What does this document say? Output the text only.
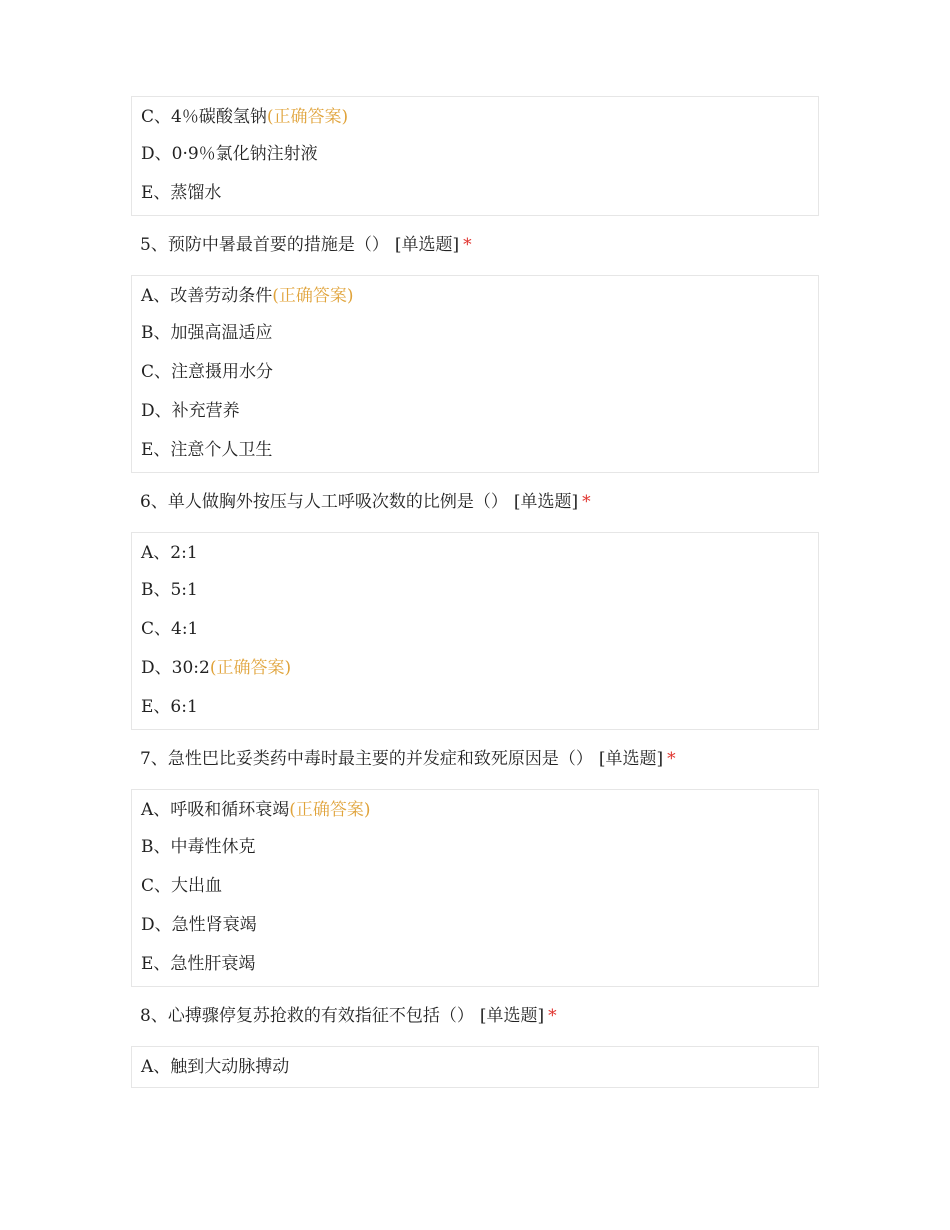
C、4％碳酸氢钠(正确答案)
D、0·9％氯化钠注射液
E、蒸馏水
5、预防中暑最首要的措施是（） [单选题] *
A、改善劳动条件(正确答案)
B、加强高温适应
C、注意摄用水分
D、补充营养
E、注意个人卫生
6、单人做胸外按压与人工呼吸次数的比例是（） [单选题] *
A、2:1
B、5:1
C、4:1
D、30:2(正确答案)
E、6:1
7、急性巴比妥类药中毒时最主要的并发症和致死原因是（） [单选题] *
A、呼吸和循环衰竭(正确答案)
B、中毒性休克
C、大出血
D、急性肾衰竭
E、急性肝衰竭
8、心搏骤停复苏抢救的有效指征不包括（） [单选题] *
A、触到大动脉搏动
